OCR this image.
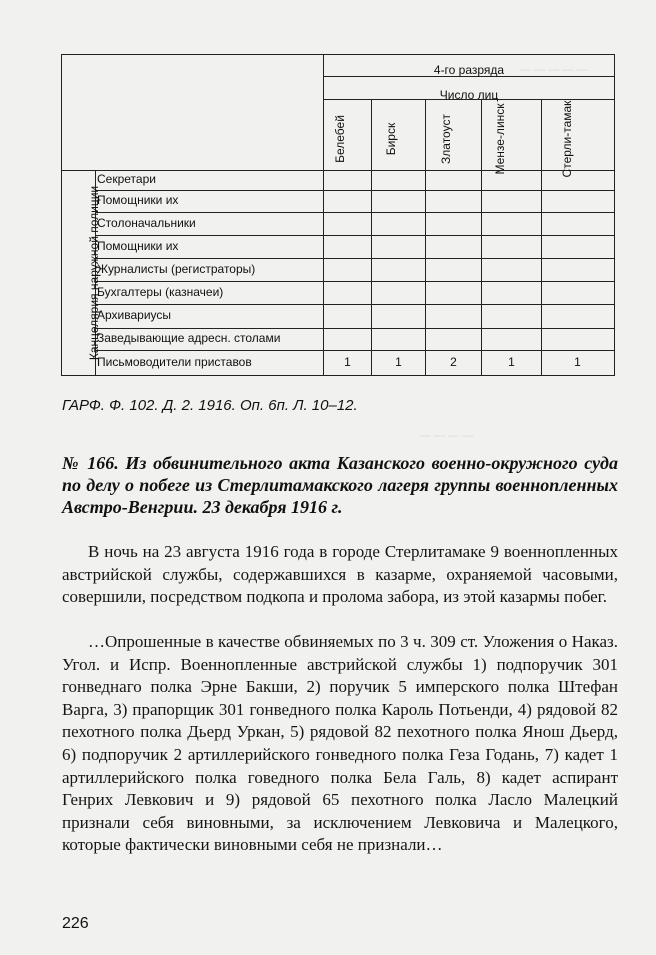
— — — — —
— — — —
4-го разряда
Число лиц
Белебей	Бирск	Златоуст	Мензе-линск	Стерли-тамак
Канцелярия наружной полиции
Секретари
Помощники их
Столоначальники
Помощники их
Журналисты (регистраторы)
Бухгалтеры (казначеи)
Архивариусы
Заведывающие адресн. столами
Письмоводители приставов	1	1	2	1	1
ГАРФ. Ф. 102. Д. 2. 1916. Оп. 6п. Л. 10–12.
№ 166. Из обвинительного акта Казанского военно-окружного суда по делу о побеге из Стерлитамакского лагеря группы военнопленных Австро-Венгрии. 23 декабря 1916 г.

В ночь на 23 августа 1916 года в городе Стерлитамаке 9 военнопленных австрийской службы, содержавшихся в казарме, охраняемой часовыми, совершили, посредством подкопа и пролома забора, из этой казармы побег.

…Опрошенные в качестве обвиняемых по 3 ч. 309 ст. Уложения о Наказ. Угол. и Испр. Военнопленные австрийской службы 1) подпоручик 301 гонведнаго полка Эрне Бакши, 2) поручик 5 имперского полка Штефан Варга, 3) прапорщик 301 гонведного полка Кароль Потьенди, 4) рядовой 82 пехотного полка Дьерд Уркан, 5) рядовой 82 пехотного полка Янош Дьерд, 6) подпоручик 2 артиллерийского гонведного полка Геза Годань, 7) кадет 1 артиллерийского полка говедного полка Бела Галь, 8) кадет аспирант Генрих Левкович и 9) рядовой 65 пехотного полка Ласло Малецкий признали себя виновными, за исключением Левковича и Малецкого, которые фактически виновными себя не признали…

226
